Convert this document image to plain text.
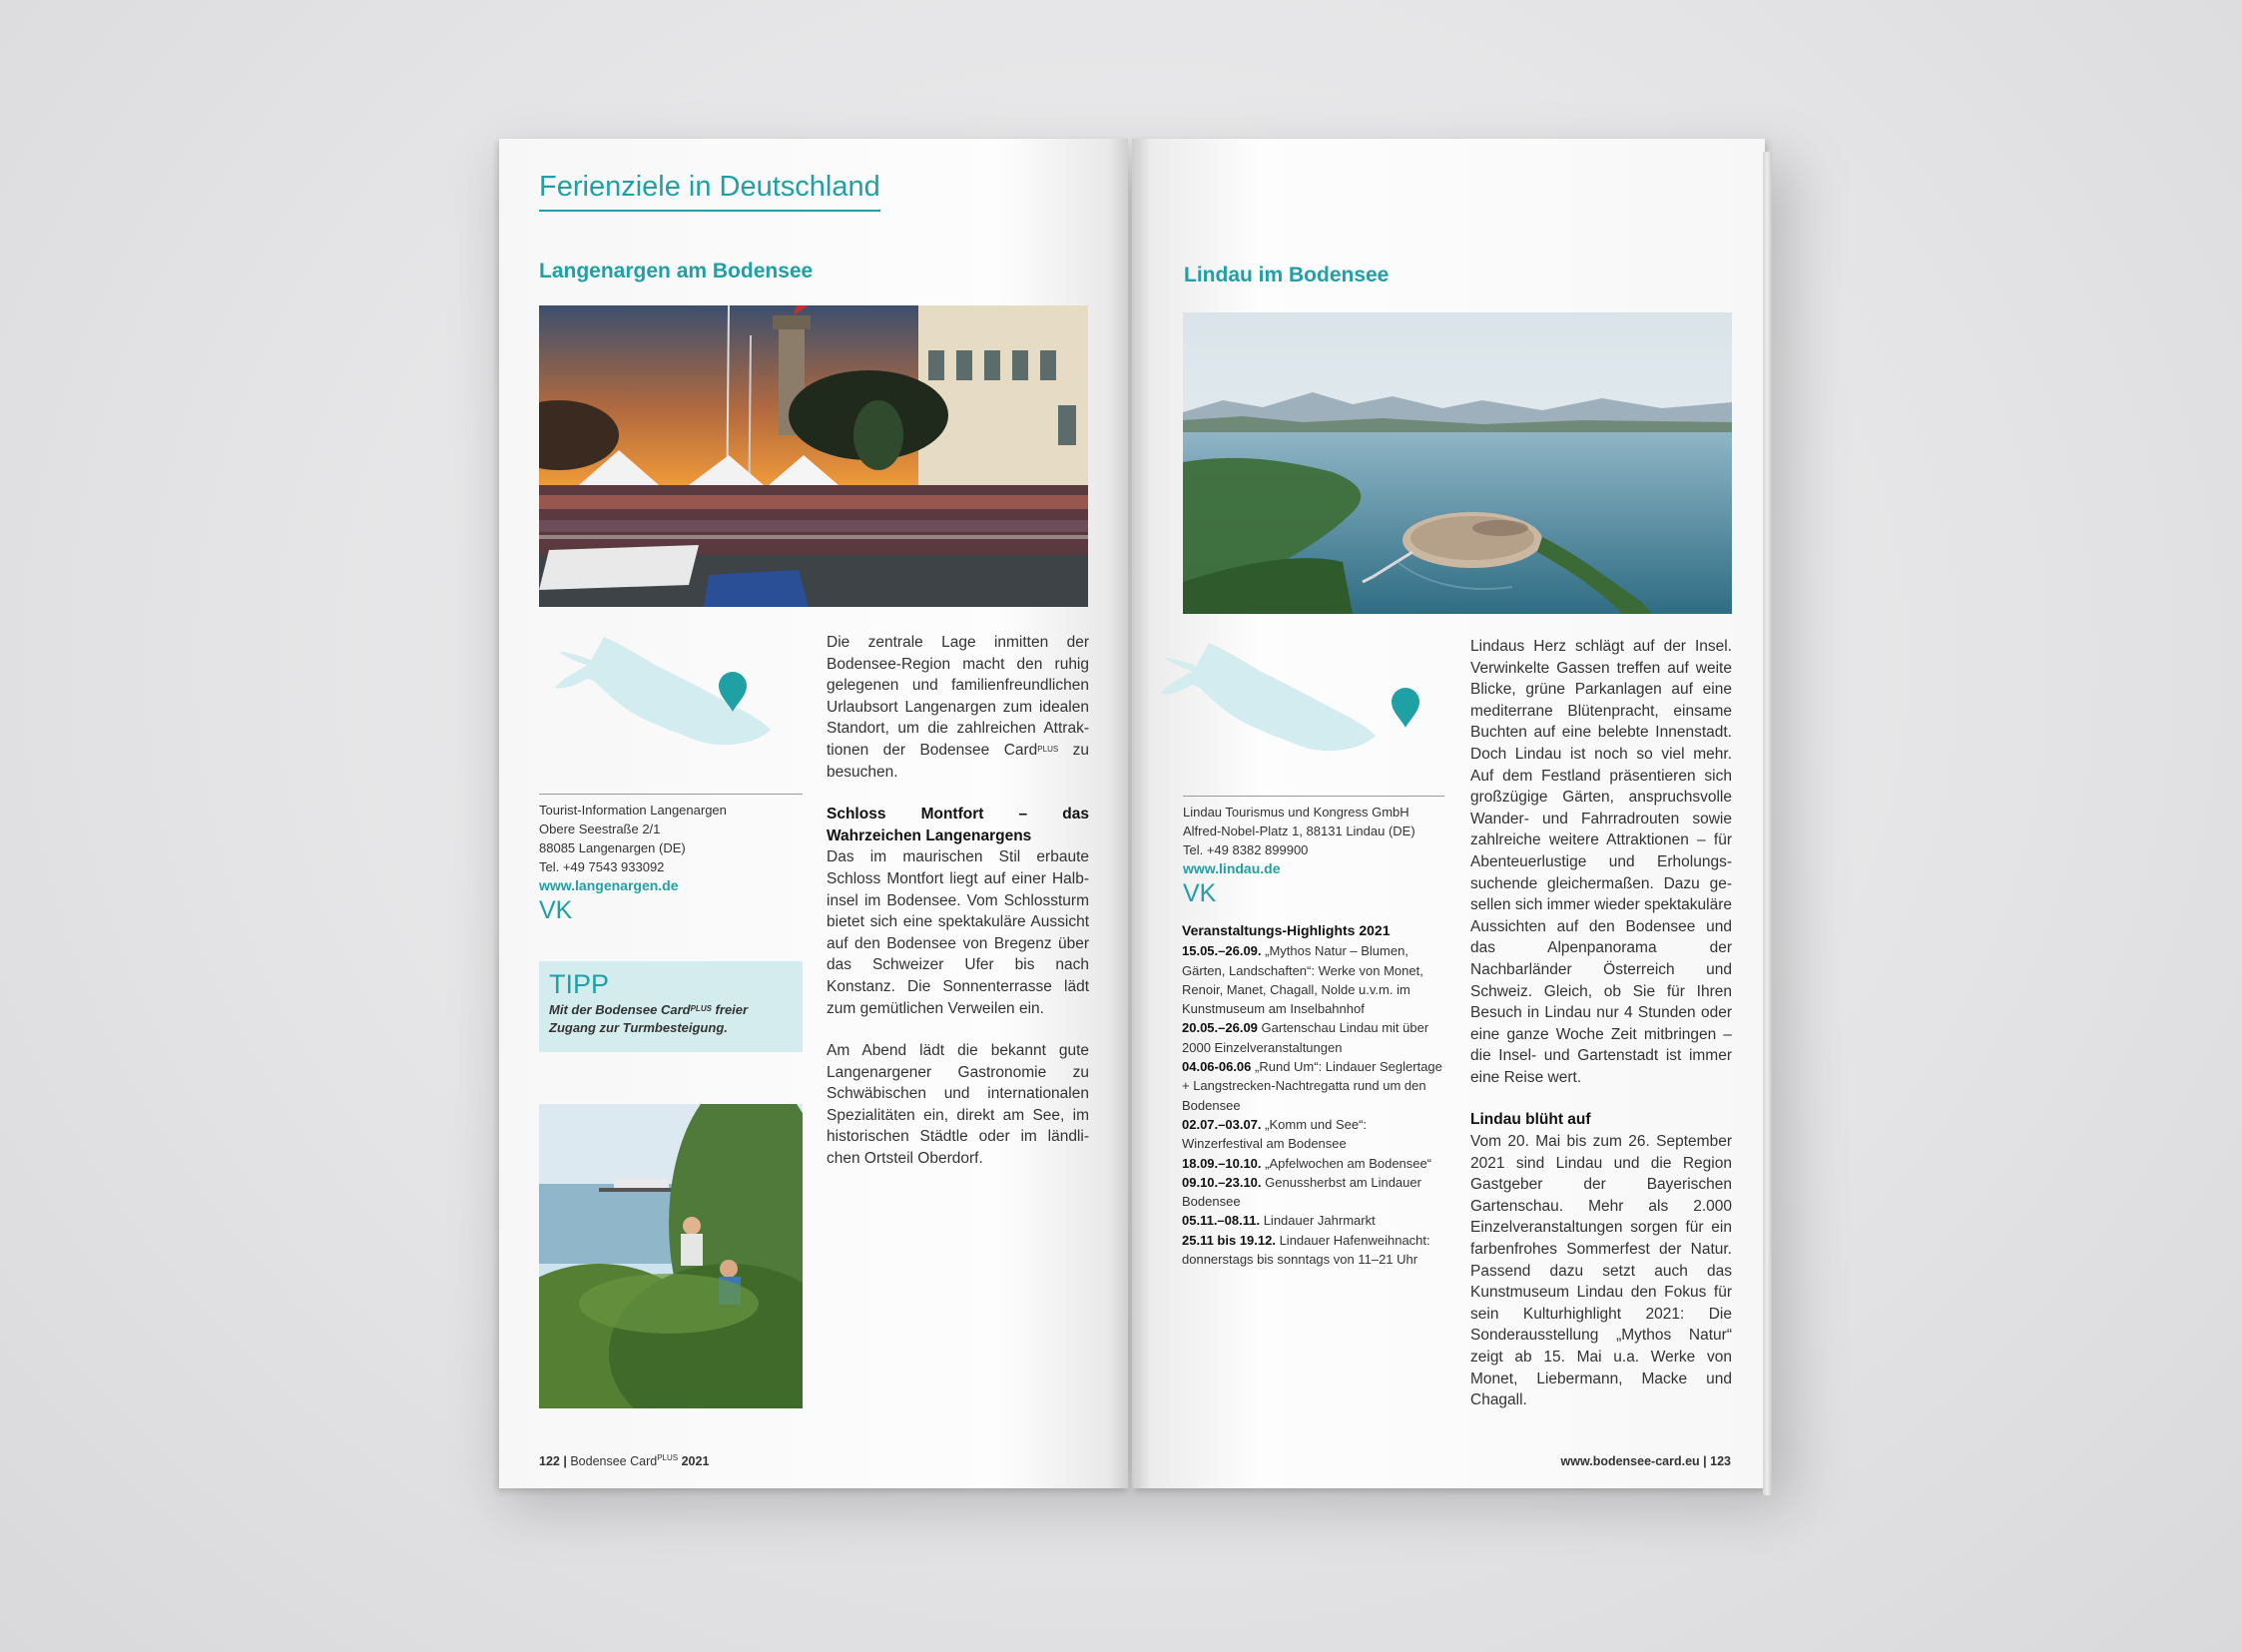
Ferienziele in Deutschland
Langenargen am Bodensee
Tourist-Information Langenargen
Obere Seestraße 2/1
88085 Langenargen (DE)
Tel. +49 7543 933092
www.langenargen.de
VK
TIPP
Mit der Bodensee Card$^{PLUS}$ freier Zugang zur Turmbesteigung.

Die zentrale Lage inmitten der Bodensee-Region macht den ruhig gelegenen und familienfreundlichen Urlaubsort Langenargen zum idealen Standort, um die zahlreichen Attraktionen der Bodensee Card$^{PLUS}$ zu besuchen.

Schloss Montfort – das Wahrzeichen Langenargens

Das im maurischen Stil erbaute Schloss Montfort liegt auf einer Halbinsel im Bodensee. Vom Schlossturm bietet sich eine spektakuläre Aussicht auf den Bodensee von Bregenz über das Schweizer Ufer bis nach Konstanz. Die Sonnenterrasse lädt zum gemütlichen Verweilen ein.

Am Abend lädt die bekannt gute Langenargener Gastronomie zu Schwäbischen und internationalen Spezialitäten ein, direkt am See, im historischen Städtle oder im ländlichen Ortsteil Oberdorf.

122 | Bodensee Card$^{PLUS}$ 2021
Lindau im Bodensee
Lindau Tourismus und Kongress GmbH
Alfred-Nobel-Platz 1, 88131 Lindau (DE)
Tel. +49 8382 899900
www.lindau.de
VK
Veranstaltungs-Highlights 2021
15.05.–26.09. „Mythos Natur – Blumen, Gärten, Landschaften“: Werke von Monet, Renoir, Manet, Chagall, Nolde u.v.m. im Kunstmuseum am Inselbahnhof
20.05.–26.09 Gartenschau Lindau mit über 2000 Einzelveranstaltungen
04.06-06.06 „Rund Um“: Lindauer Seglertage + Langstrecken-Nachtregatta rund um den Bodensee
02.07.–03.07. „Komm und See“: Winzerfestival am Bodensee
18.09.–10.10. „Apfelwochen am Bodensee“
09.10.–23.10. Genussherbst am Lindauer Bodensee
05.11.–08.11. Lindauer Jahrmarkt
25.11 bis 19.12. Lindauer Hafenweihnacht: donnerstags bis sonntags von 11–21 Uhr

Lindaus Herz schlägt auf der Insel. Verwinkelte Gassen treffen auf weite Blicke, grüne Parkanlagen auf eine mediterrane Blütenpracht, einsame Buchten auf eine belebte Innenstadt. Doch Lindau ist noch so viel mehr. Auf dem Festland präsentieren sich großzügige Gärten, anspruchsvolle Wander- und Fahrradrouten sowie zahlreiche weitere Attraktionen – für Abenteuerlustige und Erholungssuchende gleichermaßen. Dazu gesellen sich immer wieder spektakuläre Aussichten auf den Bodensee und das Alpenpanorama der Nachbarländer Österreich und Schweiz. Gleich, ob Sie für Ihren Besuch in Lindau nur 4 Stunden oder eine ganze Woche Zeit mitbringen – die Insel- und Gartenstadt ist immer eine Reise wert.

Lindau blüht auf

Vom 20. Mai bis zum 26. September 2021 sind Lindau und die Region Gastgeber der Bayerischen Gartenschau. Mehr als 2.000 Einzelveranstaltungen sorgen für ein farbenfrohes Sommerfest der Natur. Passend dazu setzt auch das Kunstmuseum Lindau den Fokus für sein Kulturhighlight 2021: Die Sonderausstellung „Mythos Natur“ zeigt ab 15. Mai u.a. Werke von Monet, Liebermann, Macke und Chagall.

www.bodensee-card.eu | 123
